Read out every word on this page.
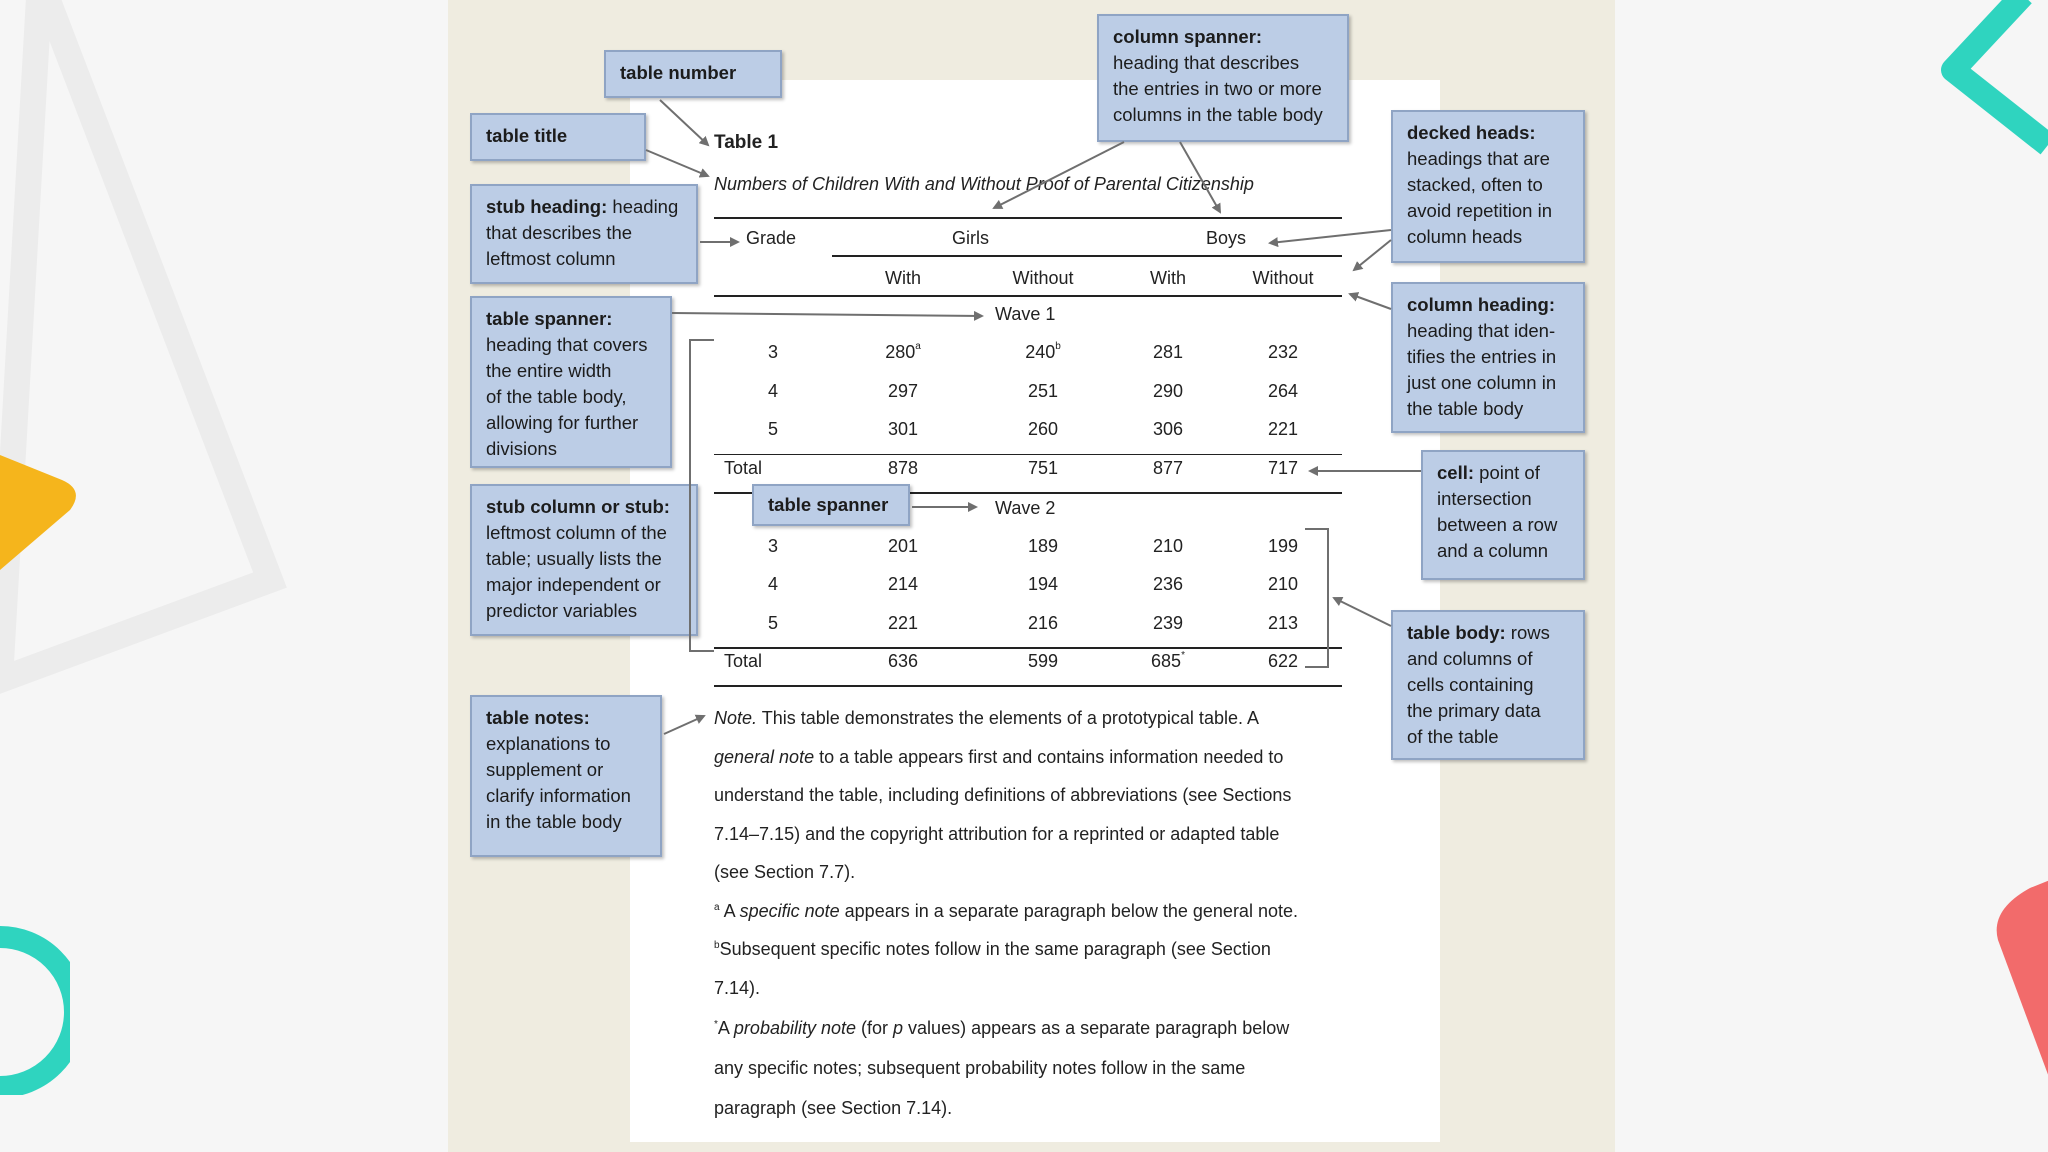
Table 1
Numbers of Children With and Without Proof of Parental Citizenship
Grade	Girls	Boys
With	Without	With	Without
Wave 1
3	280$^a$	240$^b$	281	232
4	297	251	290	264
5	301	260	306	221
Total	878	751	877	717
Wave 2
3	201	189	210	199
4	214	194	236	210
5	221	216	239	213
Total	636	599	685*	622
Note. This table demonstrates the elements of a prototypical table. A
general note to a table appears first and contains information needed to
understand the table, including definitions of abbreviations (see Sections
7.14–7.15) and the copyright attribution for a reprinted or adapted table
(see Section 7.7).
$^a$ A specific note appears in a separate paragraph below the general note.
$^b$Subsequent specific notes follow in the same paragraph (see Section
7.14).
*A probability note (for p values) appears as a separate paragraph below
any specific notes; subsequent probability notes follow in the same
paragraph (see Section 7.14).
table number
table title
stub heading: heading
that describes the
leftmost column
table spanner:
heading that covers
the entire width
of the table body,
allowing for further
divisions
stub column or stub:
leftmost column of the
table; usually lists the
major independent or
predictor variables
table spanner
table notes:
explanations to
supplement or
clarify information
in the table body
column spanner:
heading that describes
the entries in two or more
columns in the table body
decked heads:
headings that are
stacked, often to
avoid repetition in
column heads
column heading:
heading that iden-
tifies the entries in
just one column in
the table body
cell: point of
intersection
between a row
and a column
table body: rows
and columns of
cells containing
the primary data
of the table
